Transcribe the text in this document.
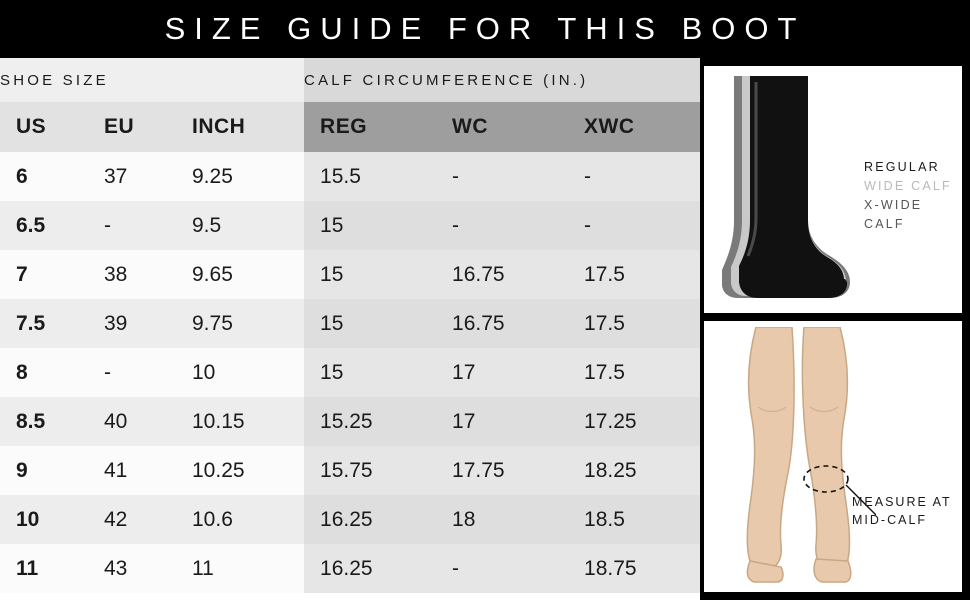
SIZE GUIDE FOR THIS BOOT
SHOE SIZE			CALF CIRCUMFERENCE (IN.)		
US	EU	INCH	REG	WC	XWC
6	37	9.25	15.5	-	-
6.5	-	9.5	15	-	-
7	38	9.65	15	16.75	17.5
7.5	39	9.75	15	16.75	17.5
8	-	10	15	17	17.5
8.5	40	10.15	15.25	17	17.25
9	41	10.25	15.75	17.75	18.25
10	42	10.6	16.25	18	18.5
11	43	11	16.25	-	18.75
REGULAR
WIDE CALF
X-WIDE CALF
MEASURE AT
MID-CALF
